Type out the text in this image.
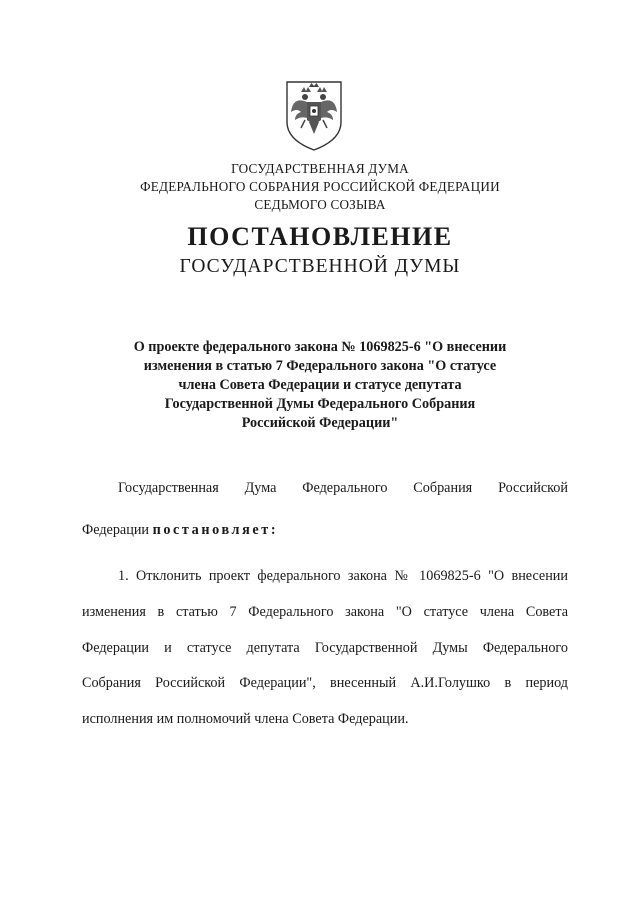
ГОСУДАРСТВЕННАЯ ДУМА
ФЕДЕРАЛЬНОГО СОБРАНИЯ РОССИЙСКОЙ ФЕДЕРАЦИИ
СЕДЬМОГО СОЗЫВА
ПОСТАНОВЛЕНИЕ
ГОСУДАРСТВЕННОЙ ДУМЫ
О проекте федерального закона № 1069825-6 "О внесении
изменения в статью 7 Федерального закона "О статусе
члена Совета Федерации и статусе депутата
Государственной Думы Федерального Собрания
Российской Федерации"
Государственная Дума Федерального Собрания Российской
Федерации постановляет:
1. Отклонить проект федерального закона № 1069825-6 "О внесении
изменения в статью 7 Федерального закона "О статусе члена Совета
Федерации и статусе депутата Государственной Думы Федерального
Собрания Российской Федерации", внесенный А.И.Голушко в период
исполнения им полномочий члена Совета Федерации.
